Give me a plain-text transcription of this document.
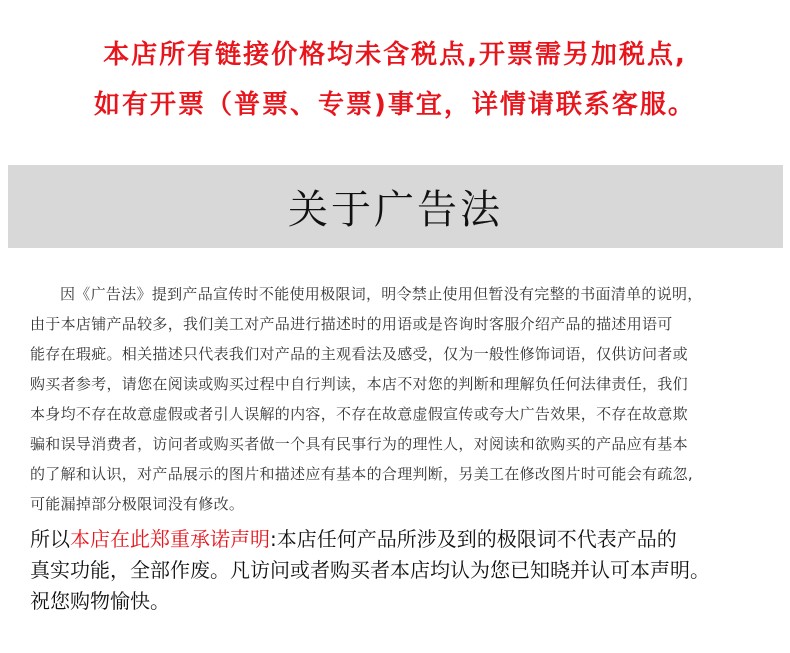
本店所有链接价格均未含税点,开票需另加税点,
如有开票（普票、专票)事宜，详情请联系客服。
关于广告法
因《广告法》提到产品宣传时不能使用极限词，明令禁止使用但暂没有完整的书面清单的说明，
由于本店铺产品较多，我们美工对产品进行描述时的用语或是咨询时客服介绍产品的描述用语可
能存在瑕疵。相关描述只代表我们对产品的主观看法及感受，仅为一般性修饰词语，仅供访问者或
购买者参考，请您在阅读或购买过程中自行判读，本店不对您的判断和理解负任何法律责任，我们
本身均不存在故意虚假或者引人误解的内容，不存在故意虚假宣传或夸大广告效果，不存在故意欺
骗和误导消费者，访问者或购买者做一个具有民事行为的理性人，对阅读和欲购买的产品应有基本
的了解和认识，对产品展示的图片和描述应有基本的合理判断，另美工在修改图片时可能会有疏忽,
可能漏掉部分极限词没有修改。
所以本店在此郑重承诺声明:本店任何产品所涉及到的极限词不代表产品的
真实功能，全部作废。凡访问或者购买者本店均认为您已知晓并认可本声明。
祝您购物愉快。
